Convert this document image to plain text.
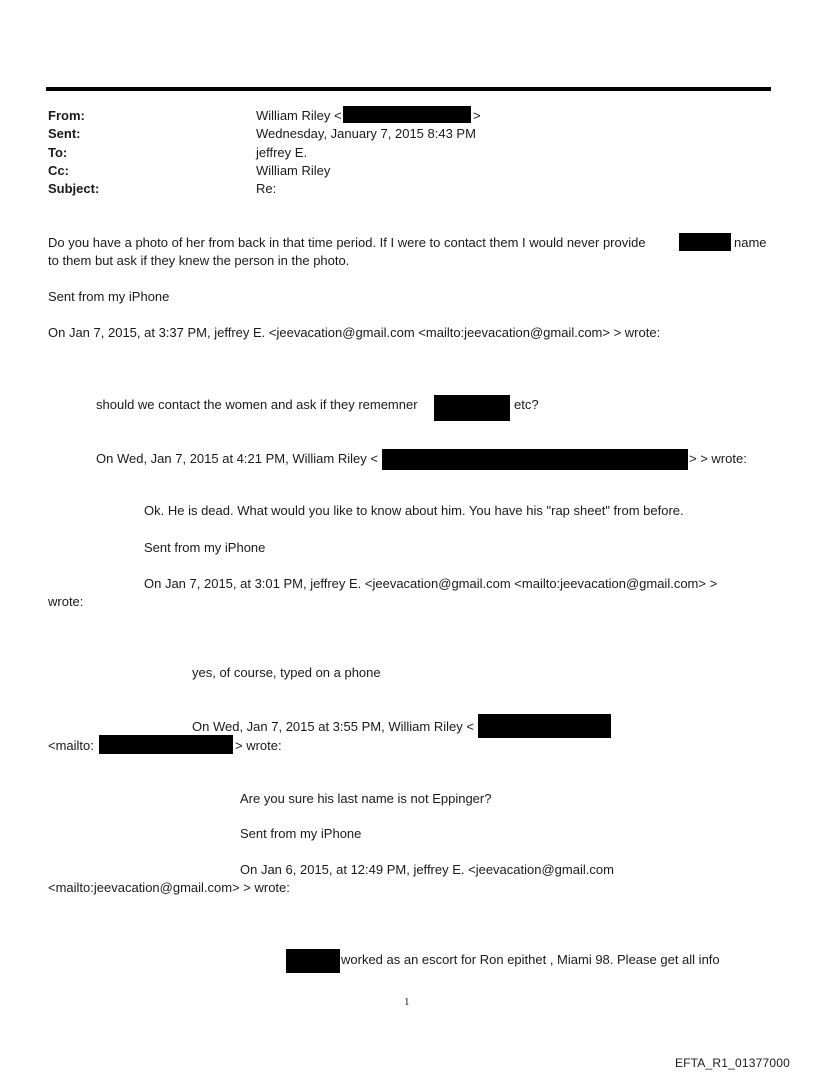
From:	William Riley <	>
Sent:	Wednesday, January 7, 2015 8:43 PM
To:	jeffrey E.
Cc:	William Riley
Subject:	Re:
Do you have a photo of her from back in that time period. If I were to contact them I would never provide	name
to them but ask if they knew the person in the photo.
Sent from my iPhone
On Jan 7, 2015, at 3:37 PM, jeffrey E. <jeevacation@gmail.com <mailto:jeevacation@gmail.com> > wrote:
should we contact the women and ask if they rememner	etc?
On Wed, Jan 7, 2015 at 4:21 PM, William Riley <	> > wrote:
Ok. He is dead. What would you like to know about him. You have his "rap sheet" from before.
Sent from my iPhone
On Jan 7, 2015, at 3:01 PM, jeffrey E. <jeevacation@gmail.com <mailto:jeevacation@gmail.com> >
wrote:
yes, of course, typed on a phone
On Wed, Jan 7, 2015 at 3:55 PM, William Riley <
<mailto:	> wrote:
Are you sure his last name is not Eppinger?
Sent from my iPhone
On Jan 6, 2015, at 12:49 PM, jeffrey E. <jeevacation@gmail.com
<mailto:jeevacation@gmail.com> > wrote:
worked as an escort for Ron epithet , Miami 98. Please get all info
1
EFTA_R1_01377000
